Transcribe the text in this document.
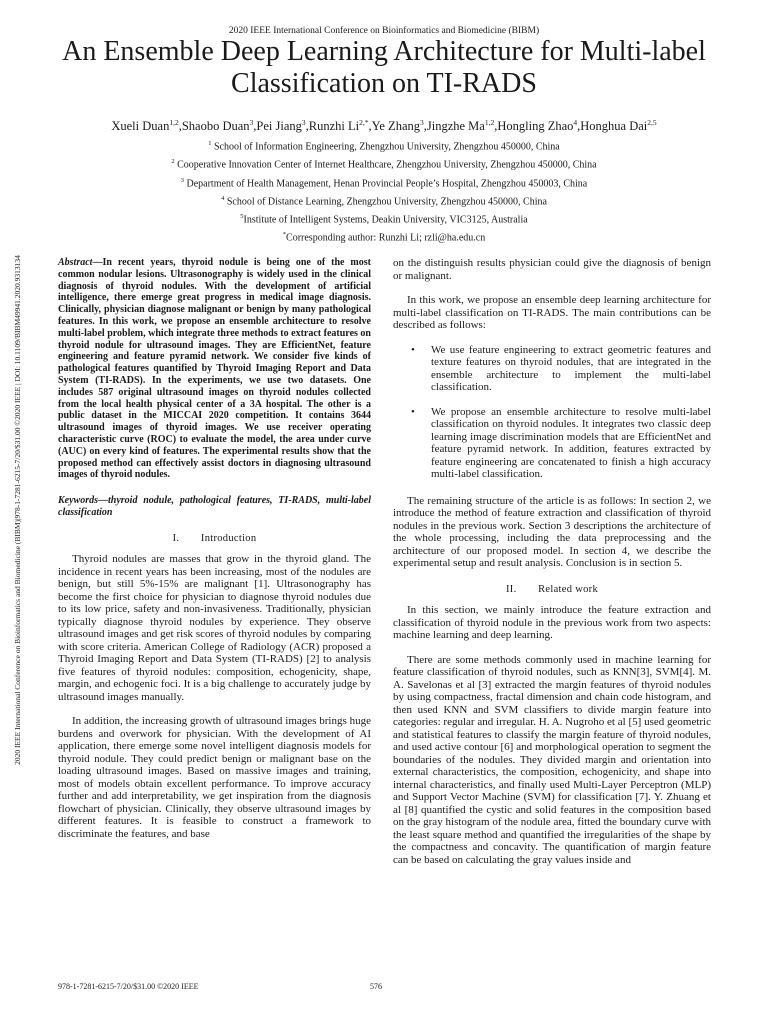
2020 IEEE International Conference on Bioinformatics and Biomedicine (BIBM)
An Ensemble Deep Learning Architecture for Multi-label Classification on TI-RADS
Xueli Duan$^{1,2}$,Shaobo Duan$^3$,Pei Jiang$^3$,Runzhi $Li^{2,*},Ye$ Zhang$^3$,Jingzhe Ma$^{1,2}$,Hongling Zhao$^4$,Honghua Dai$^{2,5}$
$^1$ School of Information Engineering, Zhengzhou University, Zhengzhou 450000, China
$^2$ Cooperative Innovation Center of Internet Healthcare, Zhengzhou University, Zhengzhou 450000, China
$^3$ Department of Health Management, Henan Provincial People’s Hospital, Zhengzhou 450003, China
$^4$ School of Distance Learning, Zhengzhou University, Zhengzhou 450000, China
$^5$Institute of Intelligent Systems, Deakin University, VIC3125, Australia
*Corresponding author: Runzhi Li; rzli@ha.edu.cn
2020 IEEE International Conference on Bioinformatics and Biomedicine (BIBM)|978-1-7281-6215-7/20/$31.00 ©2020 IEEE | DOI: 10.1109/BIBM49941.2020.9313134	Abstract—In recent years, thyroid nodule is being one of the most common nodular lesions. Ultrasonography is widely used in the clinical diagnosis of thyroid nodules. With the development of artificial intelligence, there emerge great progress in medical image diagnosis. Clinically, physician diagnose malignant or benign by many pathological features. In this work, we propose an ensemble architecture to resolve multi-label problem, which integrate three methods to extract features on thyroid nodule for ultrasound images. They are EfficientNet, feature engineering and feature pyramid network. We consider five kinds of pathological features quantified by Thyroid Imaging Report and Data System (TI-RADS). In the experiments, we use two datasets. One includes 587 original ultrasound images on thyroid nodules collected from the local health physical center of a 3A hospital. The other is a public dataset in the MICCAI 2020 competition. It contains 3644 ultrasound images of thyroid images. We use receiver operating characteristic curve (ROC) to evaluate the model, the area under curve (AUC) on every kind of features. The experimental results show that the proposed method can effectively assist doctors in diagnosing ultrasound images of thyroid nodules.

Keywords—thyroid nodule, pathological features, TI-RADS, multi-label classification

I.  Introduction

Thyroid nodules are masses that grow in the thyroid gland. The incidence in recent years has been increasing, most of the nodules are benign, but still 5%-15% are malignant [1]. Ultrasonography has become the first choice for physician to diagnose thyroid nodules due to its low price, safety and non-invasiveness. Traditionally, physician typically diagnose thyroid nodules by experience. They observe ultrasound images and get risk scores of thyroid nodules by comparing with score criteria. American College of Radiology (ACR) proposed a Thyroid Imaging Report and Data System (TI-RADS) [2] to analysis five features of thyroid nodules: composition, echogenicity, shape, margin, and echogenic foci. It is a big challenge to accurately judge by ultrasound images manually.

In addition, the increasing growth of ultrasound images brings huge burdens and overwork for physician. With the development of AI application, there emerge some novel intelligent diagnosis models for thyroid nodule. They could predict benign or malignant base on the loading ultrasound images. Based on massive images and training, most of models obtain excellent performance. To improve accuracy further and add interpretability, we get inspiration from the diagnosis flowchart of physician. Clinically, they observe ultrasound images by different features. It is feasible to construct a framework to discriminate the features, and base

on the distinguish results physician could give the diagnosis of benign or malignant.

In this work, we propose an ensemble deep learning architecture for multi-label classification on TI-RADS. The main contributions can be described as follows:

• We use feature engineering to extract geometric features and texture features on thyroid nodules, that are integrated in the ensemble architecture to implement the multi-label classification.
• We propose an ensemble architecture to resolve multi-label classification on thyroid nodules. It integrates two classic deep learning image discrimination models that are EfficientNet and feature pyramid network. In addition, features extracted by feature engineering are concatenated to finish a high accuracy multi-label classification.

The remaining structure of the article is as follows: In section 2, we introduce the method of feature extraction and classification of thyroid nodules in the previous work. Section 3 descriptions the architecture of the whole processing, including the data preprocessing and the architecture of our proposed model. In section 4, we describe the experimental setup and result analysis. Conclusion is in section 5.

II.  Related work

In this section, we mainly introduce the feature extraction and classification of thyroid nodule in the previous work from two aspects: machine learning and deep learning.

There are some methods commonly used in machine learning for feature classification of thyroid nodules, such as KNN[3], SVM[4]. M. A. Savelonas et al [3] extracted the margin features of thyroid nodules by using compactness, fractal dimension and chain code histogram, and then used KNN and SVM classifiers to divide margin feature into categories: regular and irregular. H. A. Nugroho et al [5] used geometric and statistical features to classify the margin feature of thyroid nodules, and used active contour [6] and morphological operation to segment the boundaries of the nodules. They divided margin and orientation into external characteristics, the composition, echogenicity, and shape into internal characteristics, and finally used Multi-Layer Perceptron (MLP) and Support Vector Machine (SVM) for classification [7]. Y. Zhuang et al [8] quantified the cystic and solid features in the composition based on the gray histogram of the nodule area, fitted the boundary curve with the least square method and quantified the irregularities of the shape by the compactness and concavity. The quantification of margin feature can be based on calculating the gray values inside and

978-1-7281-6215-7/20/$31.00 ©2020 IEEE	576
